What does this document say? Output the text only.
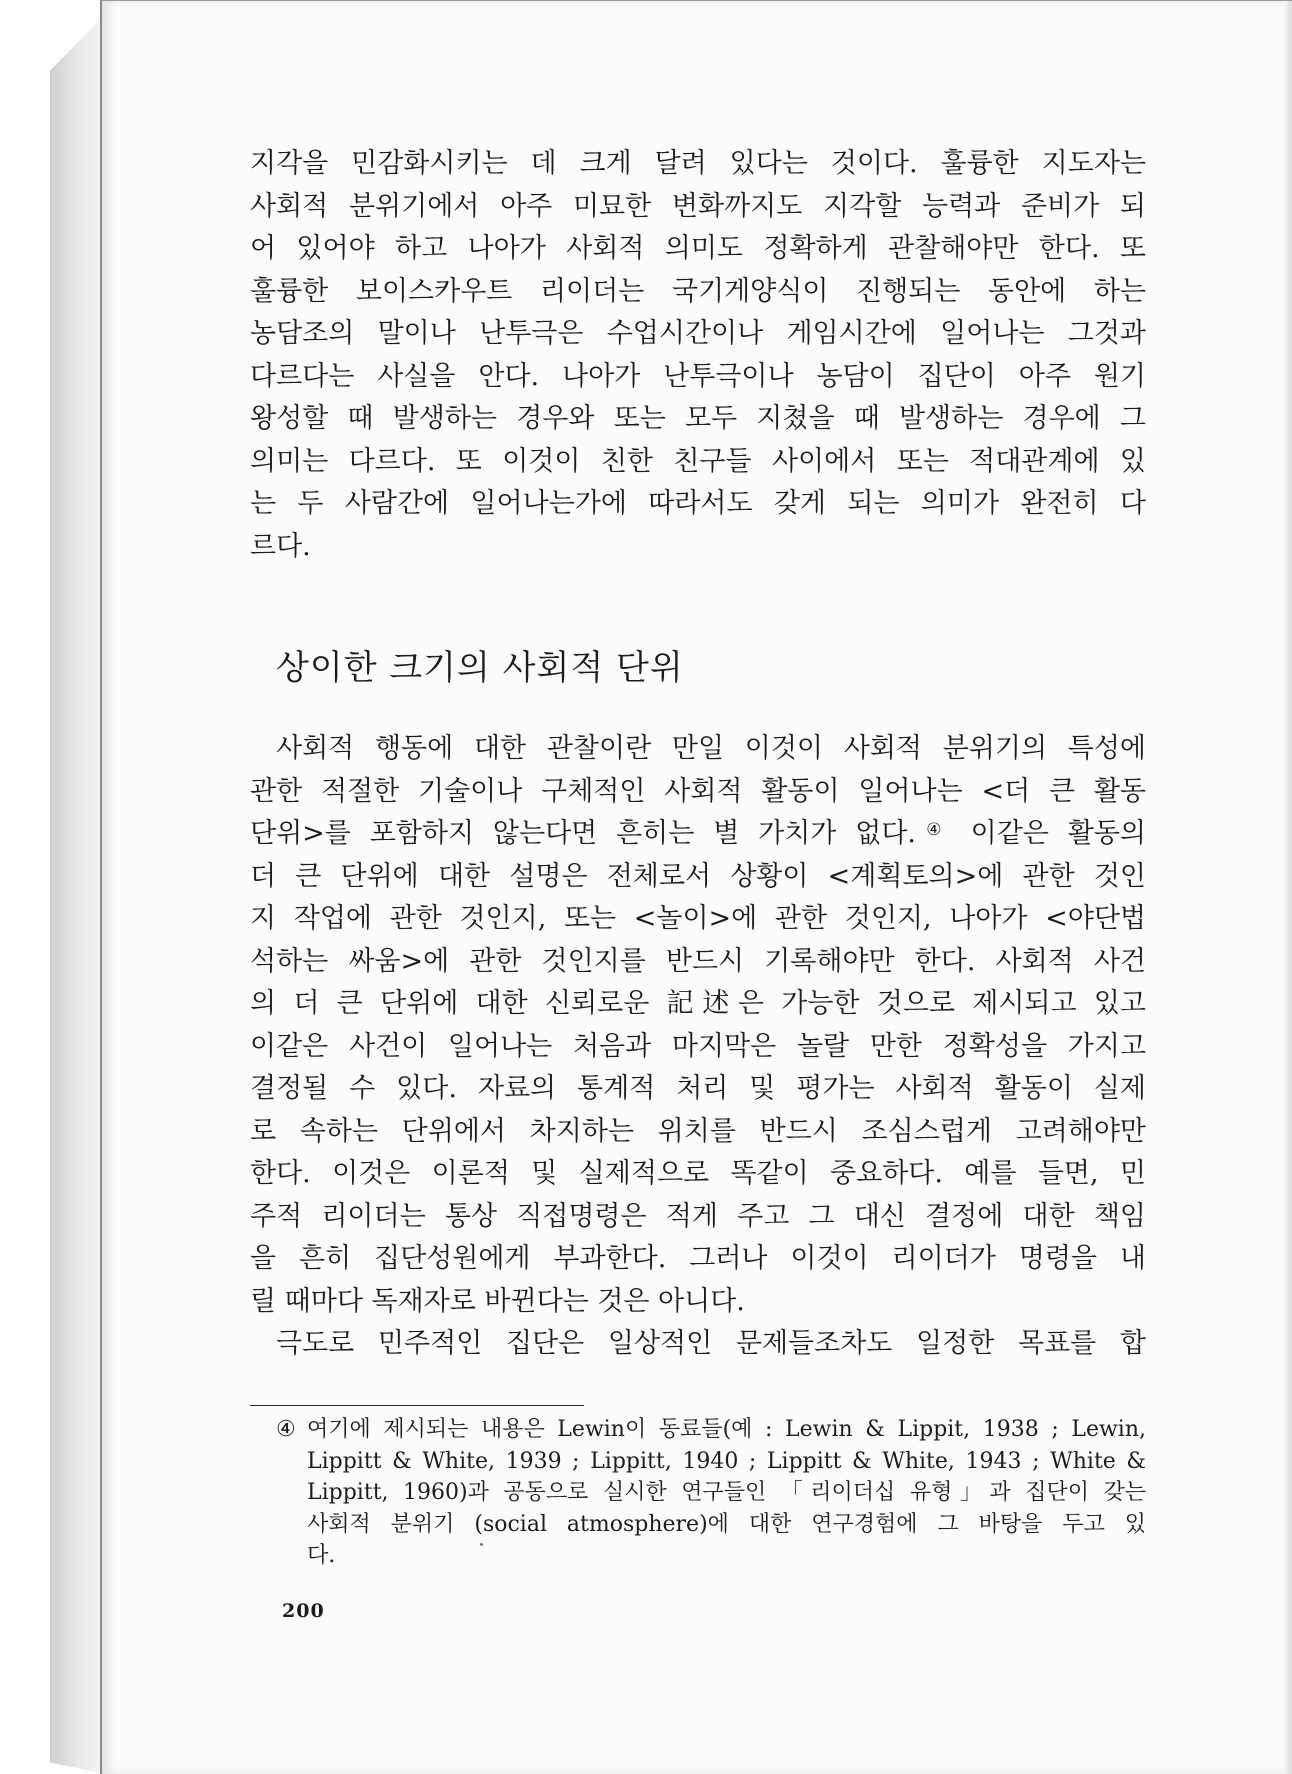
지각을 민감화시키는 데 크게 달려 있다는 것이다. 훌륭한 지도자는
사회적 분위기에서 아주 미묘한 변화까지도 지각할 능력과 준비가 되
어 있어야 하고 나아가 사회적 의미도 정확하게 관찰해야만 한다. 또
훌륭한 보이스카우트 리이더는 국기게양식이 진행되는 동안에 하는
농담조의 말이나 난투극은 수업시간이나 게임시간에 일어나는 그것과
다르다는 사실을 안다. 나아가 난투극이나 농담이 집단이 아주 원기
왕성할 때 발생하는 경우와 또는 모두 지쳤을 때 발생하는 경우에 그
의미는 다르다. 또 이것이 친한 친구들 사이에서 또는 적대관계에 있
는 두 사람간에 일어나는가에 따라서도 갖게 되는 의미가 완전히 다
르다.

상이한 크기의 사회적 단위

사회적 행동에 대한 관찰이란 만일 이것이 사회적 분위기의 특성에
관한 적절한 기술이나 구체적인 사회적 활동이 일어나는 <더 큰 활동
단위>를 포함하지 않는다면 흔히는 별 가치가 없다.④ 이같은 활동의
더 큰 단위에 대한 설명은 전체로서 상황이 <계획토의>에 관한 것인
지 작업에 관한 것인지, 또는 <놀이>에 관한 것인지, 나아가 <야단법
석하는 싸움>에 관한 것인지를 반드시 기록해야만 한다. 사회적 사건
의 더 큰 단위에 대한 신뢰로운 記述은 가능한 것으로 제시되고 있고
이같은 사건이 일어나는 처음과 마지막은 놀랄 만한 정확성을 가지고
결정될 수 있다. 자료의 통계적 처리 및 평가는 사회적 활동이 실제
로 속하는 단위에서 차지하는 위치를 반드시 조심스럽게 고려해야만
한다. 이것은 이론적 및 실제적으로 똑같이 중요하다. 예를 들면, 민
주적 리이더는 통상 직접명령은 적게 주고 그 대신 결정에 대한 책임
을 흔히 집단성원에게 부과한다. 그러나 이것이 리이더가 명령을 내
릴 때마다 독재자로 바뀐다는 것은 아니다.
극도로 민주적인 집단은 일상적인 문제들조차도 일정한 목표를 합

④ 여기에 제시되는 내용은 Lewin이 동료들(예 : Lewin & Lippit, 1938 ; Lewin,
Lippitt & White, 1939 ; Lippitt, 1940 ; Lippitt & White, 1943 ; White &
Lippitt, 1960)과 공동으로 실시한 연구들인 「리이더십 유형」과 집단이 갖는
사회적 분위기 (social atmosphere)에 대한 연구경험에 그 바탕을 두고 있
다.
200
